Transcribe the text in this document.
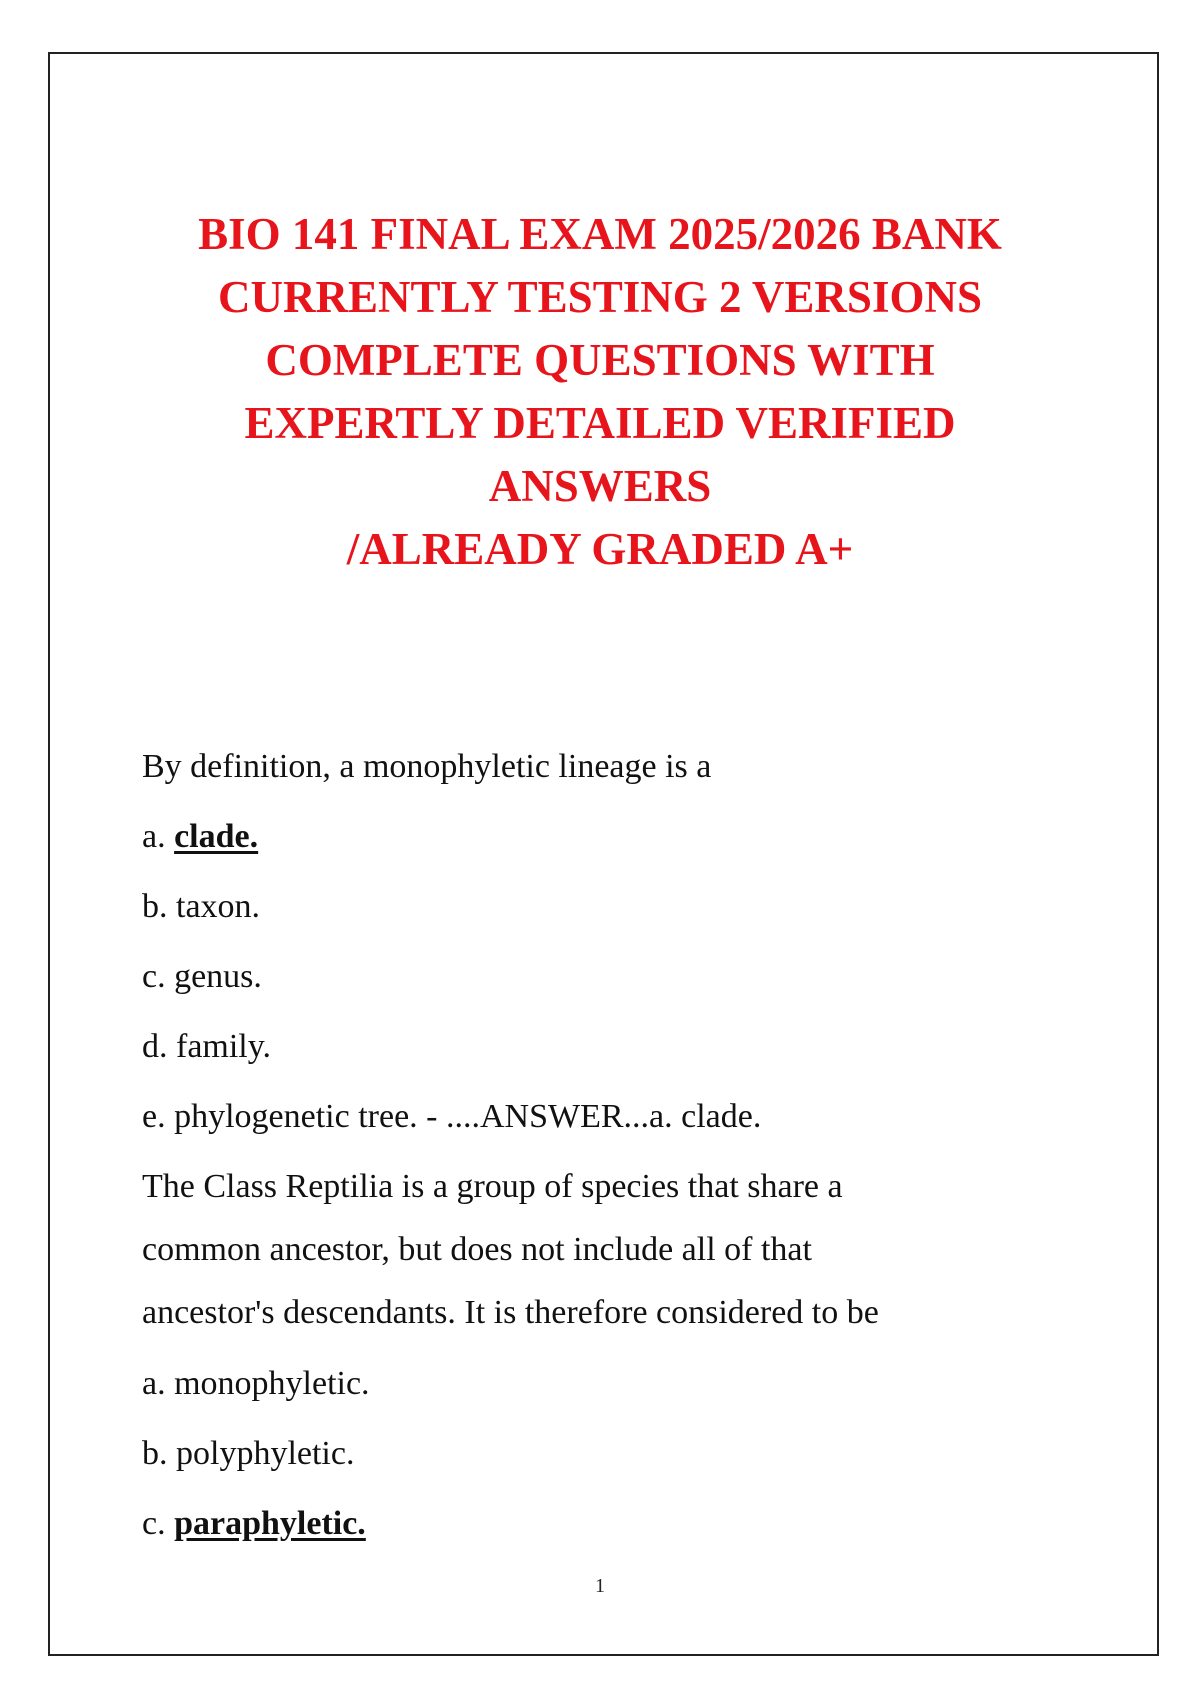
BIO 141 FINAL EXAM 2025/2026 BANK
CURRENTLY TESTING 2 VERSIONS
COMPLETE QUESTIONS WITH
EXPERTLY DETAILED VERIFIED
ANSWERS
/ALREADY GRADED A+

By definition, a monophyletic lineage is a

a. clade.

b. taxon.

c. genus.

d. family.

e. phylogenetic tree. - ....ANSWER...a. clade.

The Class Reptilia is a group of species that share a

common ancestor, but does not include all of that

ancestor's descendants. It is therefore considered to be

a. monophyletic.

b. polyphyletic.

c. paraphyletic.

1
